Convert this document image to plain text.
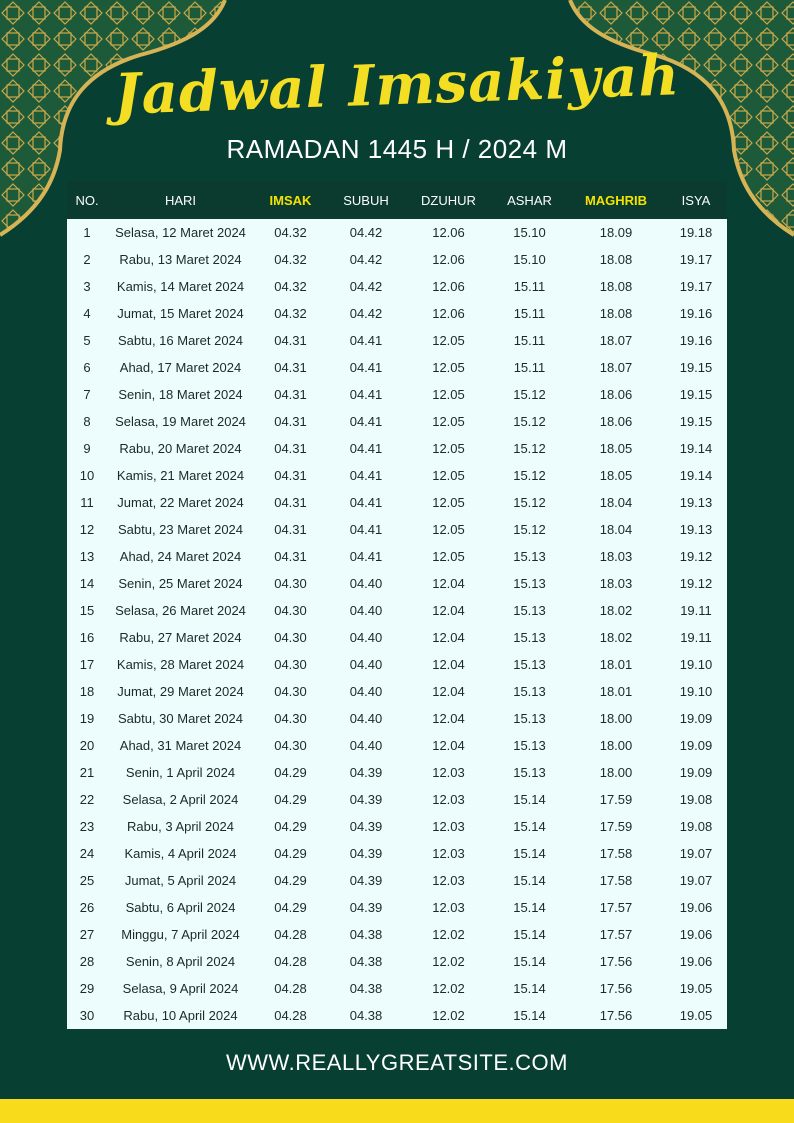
Jadwal Imsakiyah
RAMADAN 1445 H / 2024 M
NO.	HARI	IMSAK	SUBUH	DZUHUR	ASHAR	MAGHRIB	ISYA
1	Selasa, 12 Maret 2024	04.32	04.42	12.06	15.10	18.09	19.18
2	Rabu, 13 Maret 2024	04.32	04.42	12.06	15.10	18.08	19.17
3	Kamis, 14 Maret 2024	04.32	04.42	12.06	15.11	18.08	19.17
4	Jumat, 15 Maret 2024	04.32	04.42	12.06	15.11	18.08	19.16
5	Sabtu, 16 Maret 2024	04.31	04.41	12.05	15.11	18.07	19.16
6	Ahad, 17 Maret 2024	04.31	04.41	12.05	15.11	18.07	19.15
7	Senin, 18 Maret 2024	04.31	04.41	12.05	15.12	18.06	19.15
8	Selasa, 19 Maret 2024	04.31	04.41	12.05	15.12	18.06	19.15
9	Rabu, 20 Maret 2024	04.31	04.41	12.05	15.12	18.05	19.14
10	Kamis, 21 Maret 2024	04.31	04.41	12.05	15.12	18.05	19.14
11	Jumat, 22 Maret 2024	04.31	04.41	12.05	15.12	18.04	19.13
12	Sabtu, 23 Maret 2024	04.31	04.41	12.05	15.12	18.04	19.13
13	Ahad, 24 Maret 2024	04.31	04.41	12.05	15.13	18.03	19.12
14	Senin, 25 Maret 2024	04.30	04.40	12.04	15.13	18.03	19.12
15	Selasa, 26 Maret 2024	04.30	04.40	12.04	15.13	18.02	19.11
16	Rabu, 27 Maret 2024	04.30	04.40	12.04	15.13	18.02	19.11
17	Kamis, 28 Maret 2024	04.30	04.40	12.04	15.13	18.01	19.10
18	Jumat, 29 Maret 2024	04.30	04.40	12.04	15.13	18.01	19.10
19	Sabtu, 30 Maret 2024	04.30	04.40	12.04	15.13	18.00	19.09
20	Ahad, 31 Maret 2024	04.30	04.40	12.04	15.13	18.00	19.09
21	Senin, 1 April 2024	04.29	04.39	12.03	15.13	18.00	19.09
22	Selasa, 2 April 2024	04.29	04.39	12.03	15.14	17.59	19.08
23	Rabu, 3 April 2024	04.29	04.39	12.03	15.14	17.59	19.08
24	Kamis, 4 April 2024	04.29	04.39	12.03	15.14	17.58	19.07
25	Jumat, 5 April 2024	04.29	04.39	12.03	15.14	17.58	19.07
26	Sabtu, 6 April 2024	04.29	04.39	12.03	15.14	17.57	19.06
27	Minggu, 7 April 2024	04.28	04.38	12.02	15.14	17.57	19.06
28	Senin, 8 April 2024	04.28	04.38	12.02	15.14	17.56	19.06
29	Selasa, 9 April 2024	04.28	04.38	12.02	15.14	17.56	19.05
30	Rabu, 10 April 2024	04.28	04.38	12.02	15.14	17.56	19.05
WWW.REALLYGREATSITE.COM
